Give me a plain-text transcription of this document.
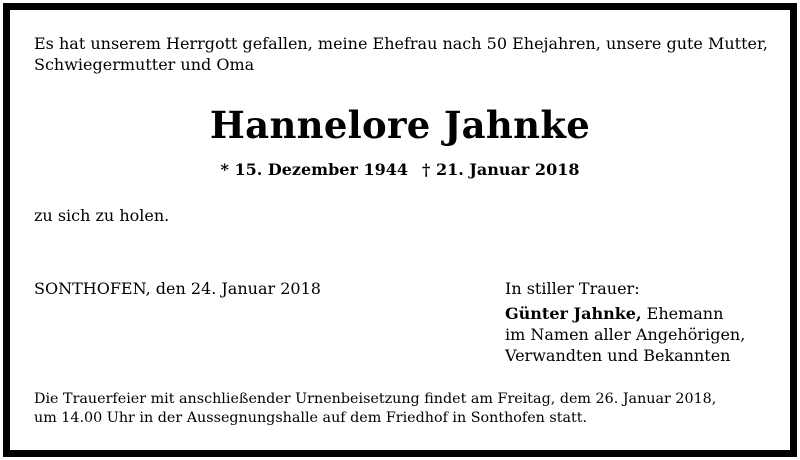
Es hat unserem Herrgott gefallen, meine Ehefrau nach 50 Ehejahren, unsere gute Mutter, Schwiegermutter und Oma

Hannelore Jahnke
* 15. Dezember 1944 † 21. Januar 2018

zu sich zu holen.

SONTHOFEN, den 24. Januar 2018	In stiller Trauer:
Günter Jahnke, Ehemann
im Namen aller Angehörigen,
Verwandten und Bekannten
Die Trauerfeier mit anschließender Urnenbeisetzung findet am Freitag, dem 26. Januar 2018,
um 14.00 Uhr in der Aussegnungshalle auf dem Friedhof in Sonthofen statt.
